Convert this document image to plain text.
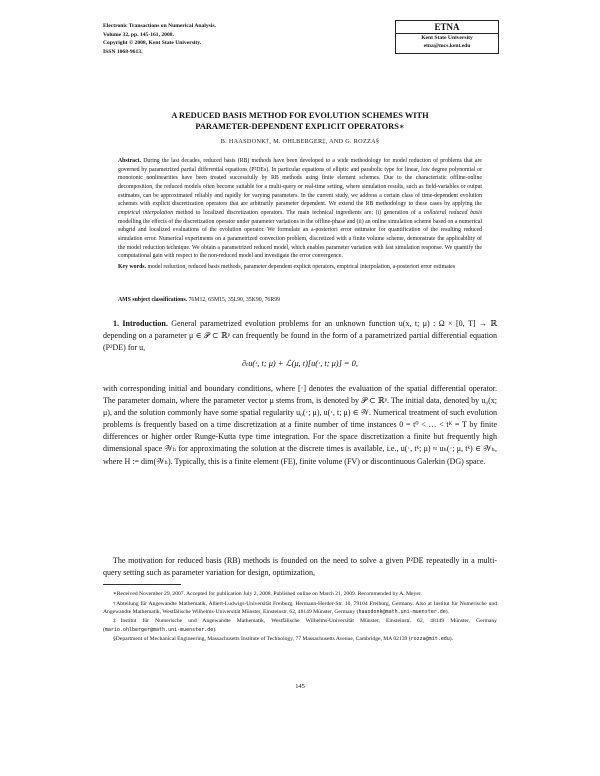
Electronic Transactions on Numerical Analysis.
Volume 32, pp. 145-161, 2008.
Copyright © 2008, Kent State University.
ISSN 1068-9613.
ETNA
Kent State University
etna@mcs.kent.edu
A REDUCED BASIS METHOD FOR EVOLUTION SCHEMES WITH
PARAMETER-DEPENDENT EXPLICIT OPERATORS∗
B. HAASDONK†, M. OHLBERGER‡, AND G. ROZZA§
Abstract. During the last decades, reduced basis (RB) methods have been developed to a wide methodology for model reduction of problems that are governed by parametrized partial differential equations (P²DEs). In particular equations of elliptic and parabolic type for linear, low degree polynomial or monotonic nonlinearities have been treated successfully by RB methods using finite element schemes. Due to the characteristic offline-online decomposition, the reduced models often become suitable for a multi-query or real-time setting, where simulation results, such as field-variables or output estimates, can be approximated reliably and rapidly for varying parameters. In the current study, we address a certain class of time-dependent evolution schemes with explicit discretization operators that are arbitrarily parameter dependent. We extend the RB methodology to these cases by applying the empirical interpolation method to localized discretization operators. The main technical ingredients are: (i) generation of a collateral reduced basis modelling the effects of the discretization operator under parameter variations in the offline-phase and (ii) an online simulation scheme based on a numerical subgrid and localized evaluations of the evolution operator. We formulate an a-posteriori error estimator for quantification of the resulting reduced simulation error. Numerical experiments on a parametrized convection problem, discretized with a finite volume scheme, demonstrate the applicability of the model reduction technique. We obtain a parametrized reduced model, which enables parameter variation with fast simulation response. We quantify the computational gain with respect to the non-reduced model and investigate the error convergence.
Key words. model reduction, reduced basis methods, parameter dependent explicit operators, empirical interpolation, a-posteriori error estimates
AMS subject classifications. 76M12, 65M15, 35L90, 35K90, 76R99
1. Introduction. General parametrized evolution problems for an unknown function u(x, t; μ) : Ω × [0, T] → ℝ depending on a parameter μ ∈ 𝒫 ⊂ ℝᵖ can frequently be found in the form of a parametrized partial differential equation (P²DE) for u,
∂ₜu(·, t; μ) + ℒ(μ, t)[u(·, t; μ)] = 0,
with corresponding initial and boundary conditions, where [·] denotes the evaluation of the spatial differential operator. The parameter domain, where the parameter vector μ stems from, is denoted by 𝒫 ⊂ ℝᵖ. The initial data, denoted by u₀(x; μ), and the solution commonly have some spatial regularity u₀(·; μ), u(·, t; μ) ∈ 𝒲. Numerical treatment of such evolution problems is frequently based on a time discretization at a finite number of time instances 0 = t⁰ < … < tᴷ = T by finite differences or higher order Runge-Kutta type time integration. For the space discretization a finite but frequently high dimensional space 𝒲ₕ for approximating the solution at the discrete times is available, i.e., u(·, tᵏ; μ) ≈ uₕ(·; μ, tᵏ) ∈ 𝒲ₕ, where H := dim(𝒲ₕ). Typically, this is a finite element (FE), finite volume (FV) or discontinuous Galerkin (DG) space.
The motivation for reduced basis (RB) methods is founded on the need to solve a given P²DE repeatedly in a multi-query setting such as parameter variation for design, optimization,

∗Received November 29, 2007. Accepted for publication July 2, 2008. Published online on March 21, 2009. Recommended by A. Meyer.

†Abteilung für Angewandte Mathematik, Albert-Ludwigs-Universität Freiburg, Hermann-Herder-Str. 10, 79104 Freiburg, Germany. Also at Institut für Numerische und Angewandte Mathematik, Westfälische Wilhelms-Universität Münster, Einsteinstr. 62, 48149 Münster, Germany (haasdonk@math.uni-muenster.de).

‡Institut für Numerische und Angewandte Mathematik, Westfälische Wilhelms-Universität Münster, Einsteinstr. 62, 48149 Münster, Germany (mario.ohlberger@math.uni-muenster.de).

§Department of Mechanical Engineering, Massachusetts Institute of Technology, 77 Massachusetts Avenue, Cambridge, MA 02139 (rozza@mit.edu).

145
